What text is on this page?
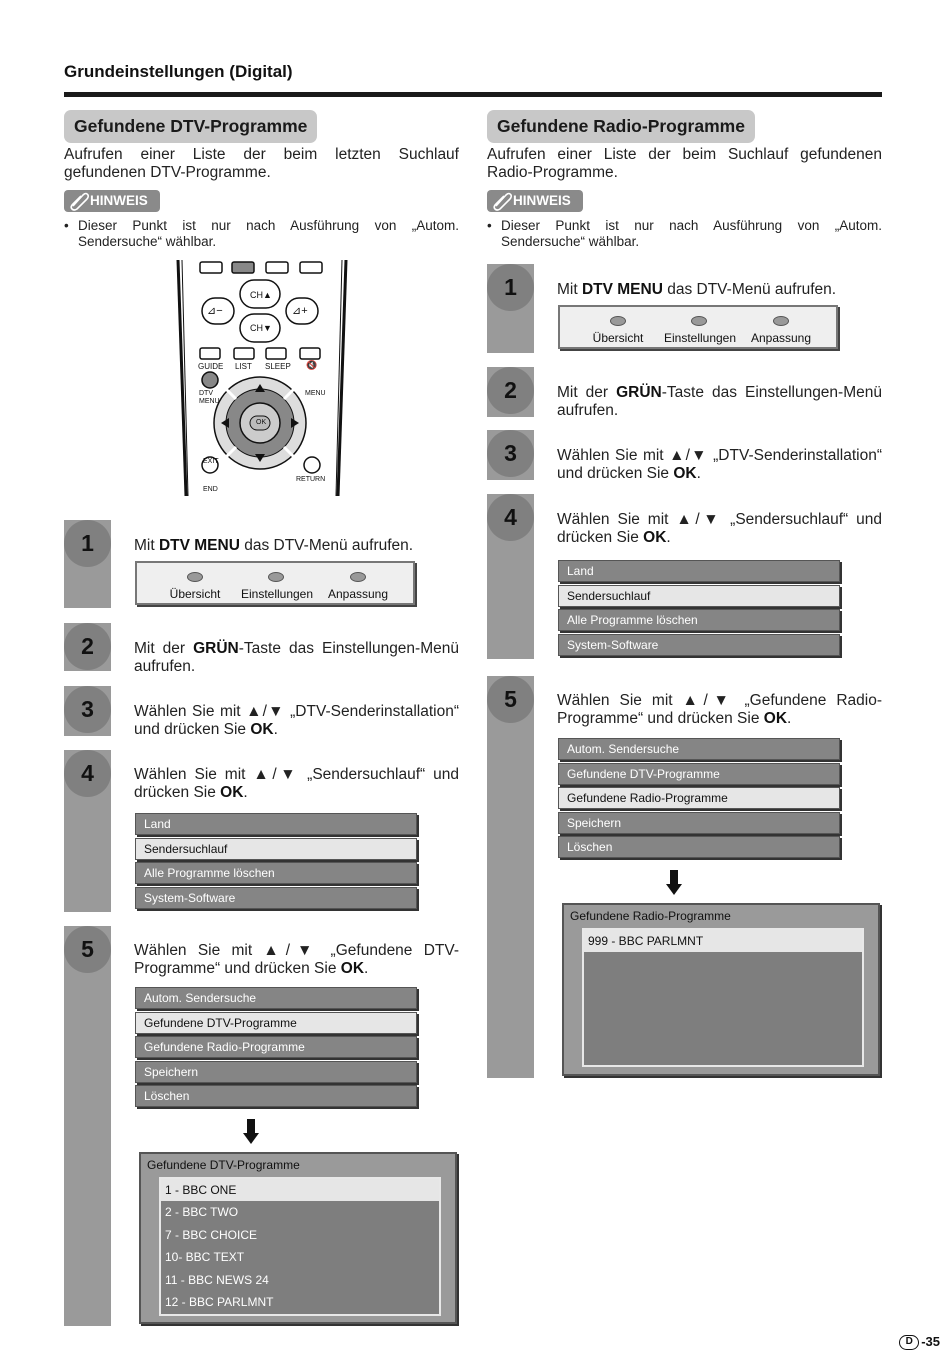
Grundeinstellungen (Digital)
Gefundene DTV-Programme
Aufrufen einer Liste der beim letzten Suchlauf gefundenen DTV-Programme.
HINWEIS
• Dieser Punkt ist nur nach Ausführung von „Autom. Sendersuche“ wählbar.
CH▲
CH▼
⊿−	⊿+
GUIDE LIST SLEEP 🔇
DTV
MENU
MENU
OK
EXIT
END
RETURN
1
2
3
4
5
Mit DTV MENU das DTV-Menü aufrufen.
Mit der GRÜN-Taste das Einstellungen-Menü aufrufen.
Wählen Sie mit ▲/▼ „DTV-Senderinstallation“ und drücken Sie OK.
Wählen Sie mit ▲/▼ „Sendersuchlauf“ und drücken Sie OK.
Wählen Sie mit ▲/▼ „Gefundene DTV-Programme“ und drücken Sie OK.
Übersicht	Einstellungen	Anpassung
Land
Sendersuchlauf
Alle Programme löschen
System-Software
Autom. Sendersuche
Gefundene DTV-Programme
Gefundene Radio-Programme
Speichern
Löschen
Gefundene DTV-Programme
1 - BBC ONE
2 - BBC TWO
7 - BBC CHOICE
10- BBC TEXT
11 - BBC NEWS 24
12 - BBC PARLMNT
Gefundene Radio-Programme
Aufrufen einer Liste der beim Suchlauf gefundenen Radio-Programme.
HINWEIS
• Dieser Punkt ist nur nach Ausführung von „Autom. Sendersuche“ wählbar.
1
2
3
4
5
Mit DTV MENU das DTV-Menü aufrufen.
Mit der GRÜN-Taste das Einstellungen-Menü aufrufen.
Wählen Sie mit ▲/▼ „DTV-Senderinstallation“ und drücken Sie OK.
Wählen Sie mit ▲/▼ „Sendersuchlauf“ und drücken Sie OK.
Wählen Sie mit ▲/▼ „Gefundene Radio-Programme“ und drücken Sie OK.
Übersicht	Einstellungen	Anpassung
Land
Sendersuchlauf
Alle Programme löschen
System-Software
Autom. Sendersuche
Gefundene DTV-Programme
Gefundene Radio-Programme
Speichern
Löschen
Gefundene Radio-Programme
999 - BBC PARLMNT
D -35
